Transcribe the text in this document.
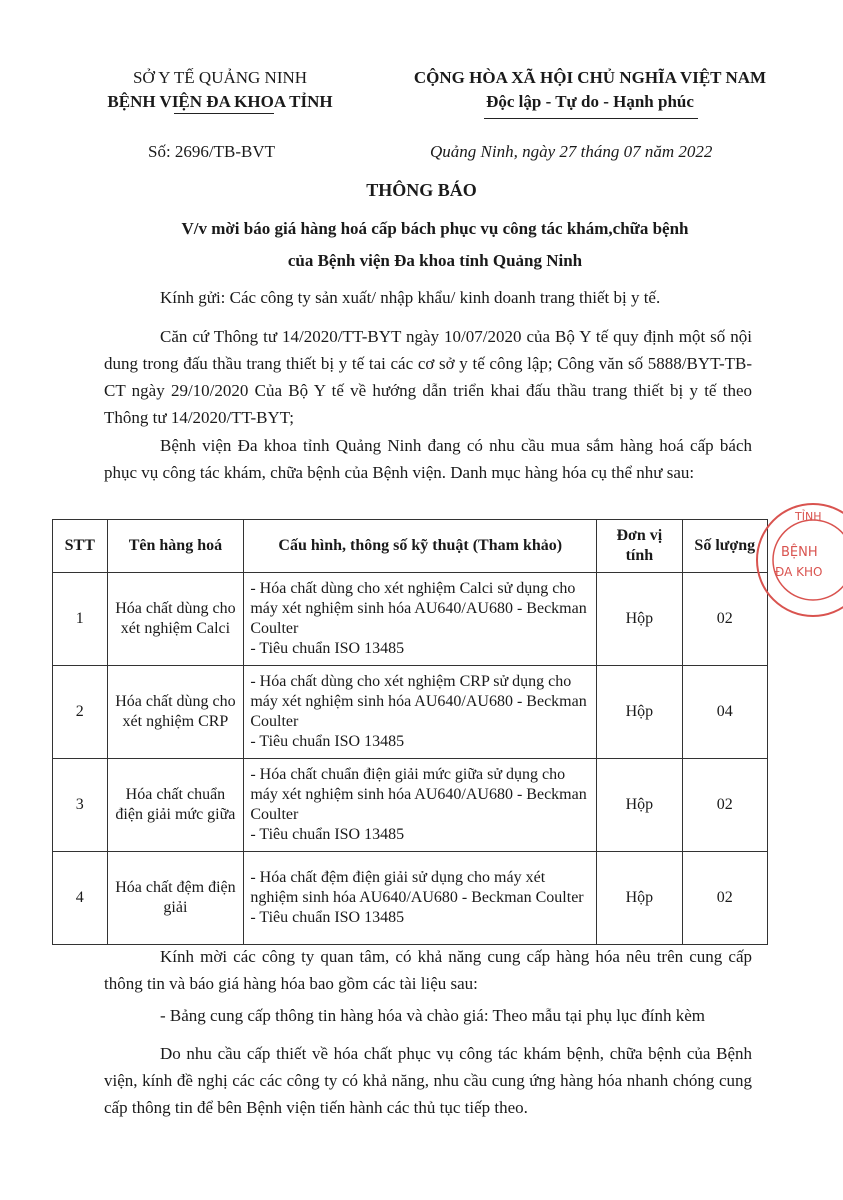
SỞ Y TẾ QUẢNG NINH
BỆNH VIỆN ĐA KHOA TỈNH
CỘNG HÒA XÃ HỘI CHỦ NGHĨA VIỆT NAM
Độc lập - Tự do - Hạnh phúc
Số: 2696/TB-BVT	Quảng Ninh, ngày 27 tháng 07 năm 2022
THÔNG BÁO
V/v mời báo giá hàng hoá cấp bách phục vụ công tác khám,chữa bệnh
của Bệnh viện Đa khoa tỉnh Quảng Ninh
Kính gửi: Các công ty sản xuất/ nhập khẩu/ kinh doanh trang thiết bị y tế.
Căn cứ Thông tư 14/2020/TT-BYT ngày 10/07/2020 của Bộ Y tế quy định một số nội dung trong đấu thầu trang thiết bị y tế tai các cơ sở y tế công lập; Công văn số 5888/BYT-TB-CT ngày 29/10/2020 Của Bộ Y tế về hướng dẫn triển khai đấu thầu trang thiết bị y tế theo Thông tư 14/2020/TT-BYT;
Bệnh viện Đa khoa tỉnh Quảng Ninh đang có nhu cầu mua sắm hàng hoá cấp bách phục vụ công tác khám, chữa bệnh của Bệnh viện. Danh mục hàng hóa cụ thể như sau:
STT	Tên hàng hoá	Cấu hình, thông số kỹ thuật (Tham khảo)	Đơn vị tính	Số lượng
1	Hóa chất dùng cho xét nghiệm Calci	- Hóa chất dùng cho xét nghiệm Calci sử dụng cho máy xét nghiệm sinh hóa AU640/AU680 - Beckman Coulter
- Tiêu chuẩn ISO 13485	Hộp	02
2	Hóa chất dùng cho xét nghiệm CRP	- Hóa chất dùng cho xét nghiệm CRP sử dụng cho máy xét nghiệm sinh hóa AU640/AU680 - Beckman Coulter
- Tiêu chuẩn ISO 13485	Hộp	04
3	Hóa chất chuẩn điện giải mức giữa	- Hóa chất chuẩn điện giải mức giữa sử dụng cho máy xét nghiệm sinh hóa AU640/AU680 - Beckman Coulter
- Tiêu chuẩn ISO 13485	Hộp	02
4	Hóa chất đệm điện giải	- Hóa chất đệm điện giải sử dụng cho máy xét nghiệm sinh hóa AU640/AU680 - Beckman Coulter
- Tiêu chuẩn ISO 13485	Hộp	02
Kính mời các công ty quan tâm, có khả năng cung cấp hàng hóa nêu trên cung cấp thông tin và báo giá hàng hóa bao gồm các tài liệu sau:
- Bảng cung cấp thông tin hàng hóa và chào giá: Theo mẫu tại phụ lục đính kèm
Do nhu cầu cấp thiết về hóa chất phục vụ công tác khám bệnh, chữa bệnh của Bệnh viện, kính đề nghị các các công ty có khả năng, nhu cầu cung ứng hàng hóa nhanh chóng cung cấp thông tin để bên Bệnh viện tiến hành các thủ tục tiếp theo.
TỈNH
BỆNH
ĐA KHO
